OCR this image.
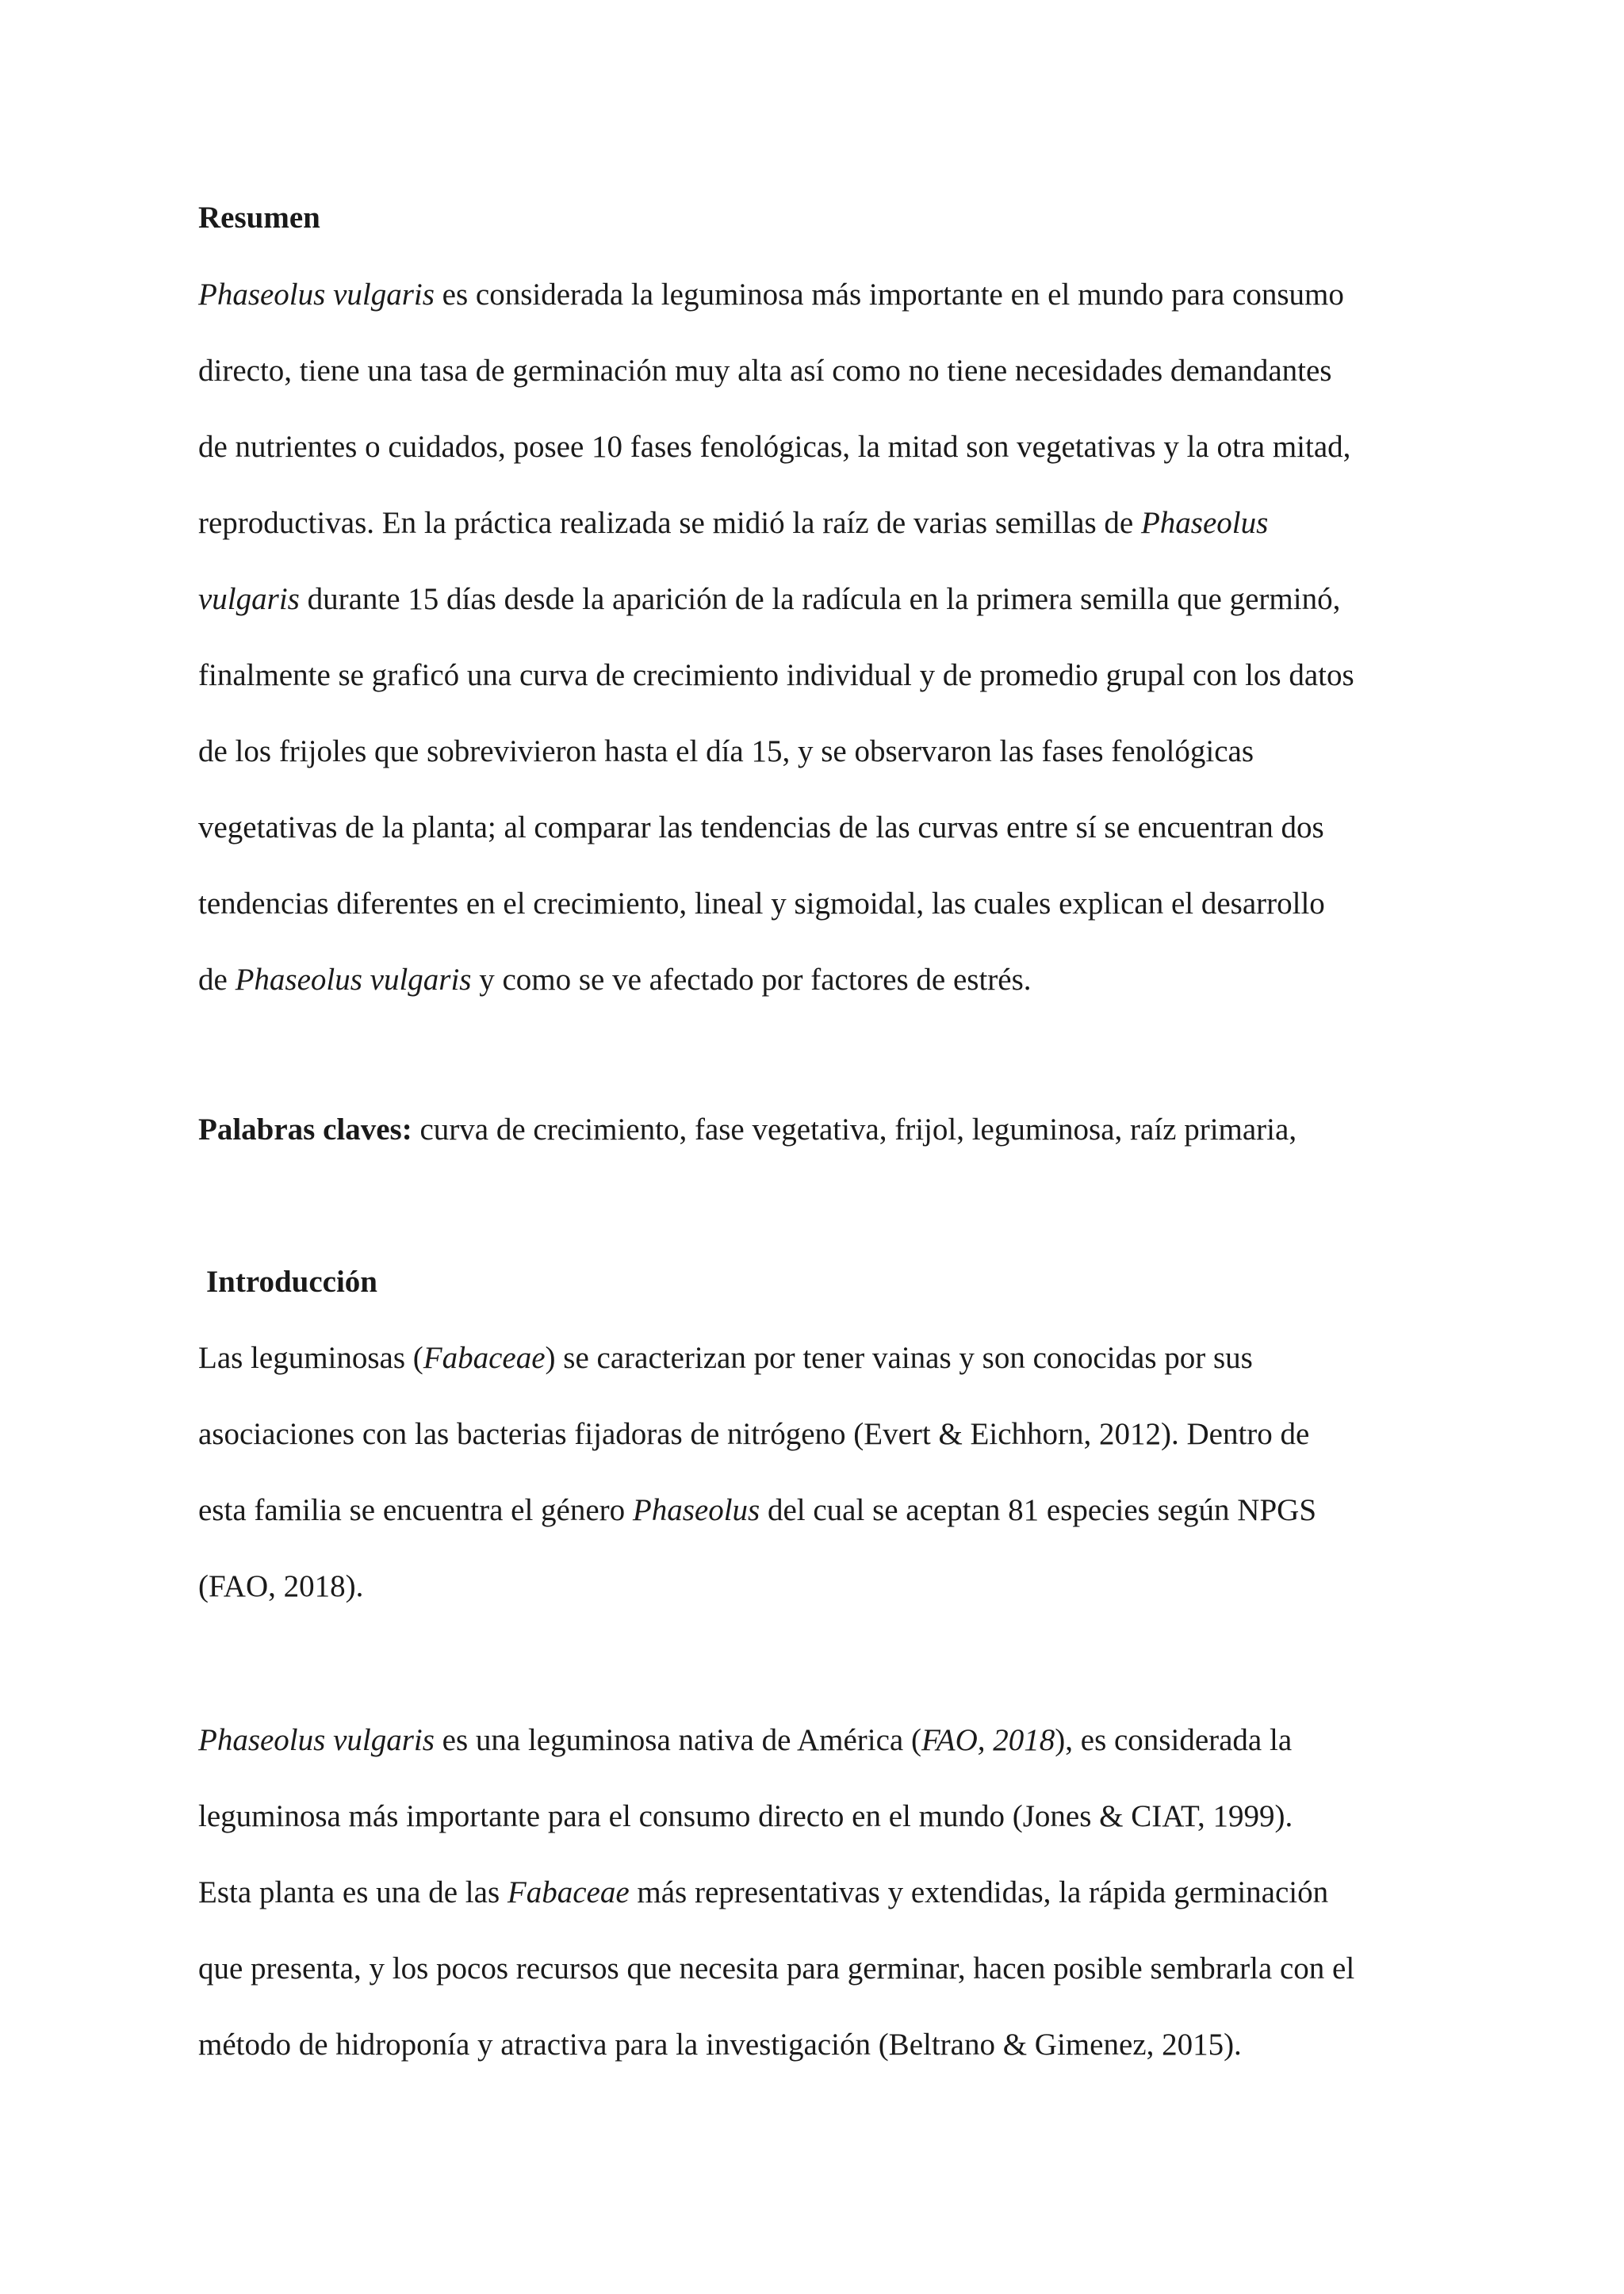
Resumen
Phaseolus vulgaris es considerada la leguminosa más importante en el mundo para consumo
directo, tiene una tasa de germinación muy alta así como no tiene necesidades demandantes
de nutrientes o cuidados, posee 10 fases fenológicas, la mitad son vegetativas y la otra mitad,
reproductivas. En la práctica realizada se midió la raíz de varias semillas de Phaseolus
vulgaris durante 15 días desde la aparición de la radícula en la primera semilla que germinó,
finalmente se graficó una curva de crecimiento individual y de promedio grupal con los datos
de los frijoles que sobrevivieron hasta el día 15, y se observaron las fases fenológicas
vegetativas de la planta; al comparar las tendencias de las curvas entre sí se encuentran dos
tendencias diferentes en el crecimiento, lineal y sigmoidal, las cuales explican el desarrollo
de Phaseolus vulgaris y como se ve afectado por factores de estrés.
Palabras claves: curva de crecimiento, fase vegetativa, frijol, leguminosa, raíz primaria,
Introducción
Las leguminosas (Fabaceae) se caracterizan por tener vainas y son conocidas por sus
asociaciones con las bacterias fijadoras de nitrógeno (Evert & Eichhorn, 2012). Dentro de
esta familia se encuentra el género Phaseolus del cual se aceptan 81 especies según NPGS
(FAO, 2018).
Phaseolus vulgaris es una leguminosa nativa de América (FAO, 2018), es considerada la
leguminosa más importante para el consumo directo en el mundo (Jones & CIAT, 1999).
Esta planta es una de las Fabaceae más representativas y extendidas, la rápida germinación
que presenta, y los pocos recursos que necesita para germinar, hacen posible sembrarla con el
método de hidroponía y atractiva para la investigación (Beltrano & Gimenez, 2015).
